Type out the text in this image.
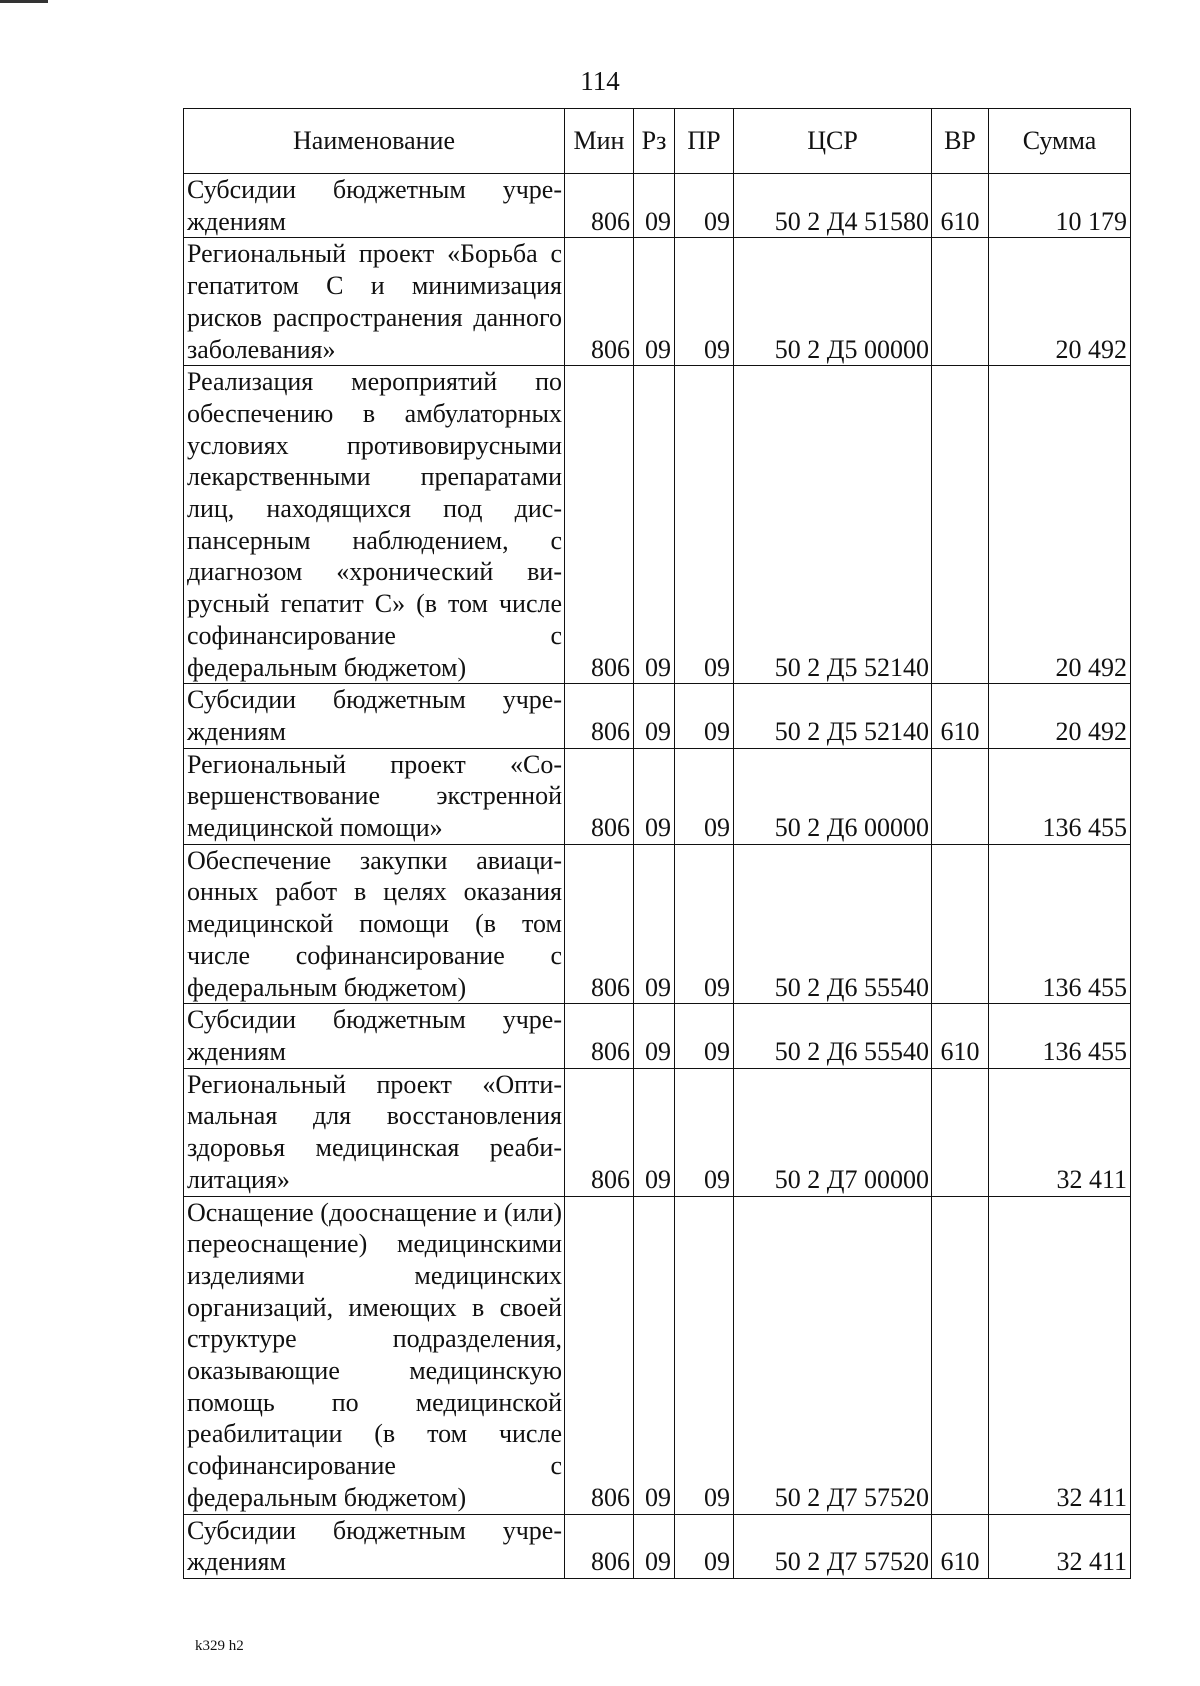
114
Наименование	Мин	Рз	ПР	ЦСР	ВР	Сумма
Субсидии бюджетным учреждениям	806	09	09	50 2 Д4 51580	610	10 179
Региональный проект «Борьба с гепатитом С и минимизация рисков распространения данного заболевания»	806	09	09	50 2 Д5 00000		20 492
Реализация мероприятий по обеспечению в амбулаторных условиях противовирусными лекарственными препаратами лиц, находящихся под диспансерным наблюдением, с диагнозом «хронический вирусный гепатит С» (в том числе софинансирование с федеральным бюджетом)	806	09	09	50 2 Д5 52140		20 492
Субсидии бюджетным учреждениям	806	09	09	50 2 Д5 52140	610	20 492
Региональный проект «Совершенствование экстренной медицинской помощи»	806	09	09	50 2 Д6 00000		136 455
Обеспечение закупки авиационных работ в целях оказания медицинской помощи (в том числе софинансирование с федеральным бюджетом)	806	09	09	50 2 Д6 55540		136 455
Субсидии бюджетным учреждениям	806	09	09	50 2 Д6 55540	610	136 455
Региональный проект «Оптимальная для восстановления здоровья медицинская реабилитация»	806	09	09	50 2 Д7 00000		32 411
Оснащение (дооснащение и (или) переоснащение) медицинскими изделиями медицинских организаций, имеющих в своей структуре подразделения, оказывающие медицинскую помощь по медицинской реабилитации (в том числе софинансирование с федеральным бюджетом)	806	09	09	50 2 Д7 57520		32 411
Субсидии бюджетным учреждениям	806	09	09	50 2 Д7 57520	610	32 411
k329 h2
